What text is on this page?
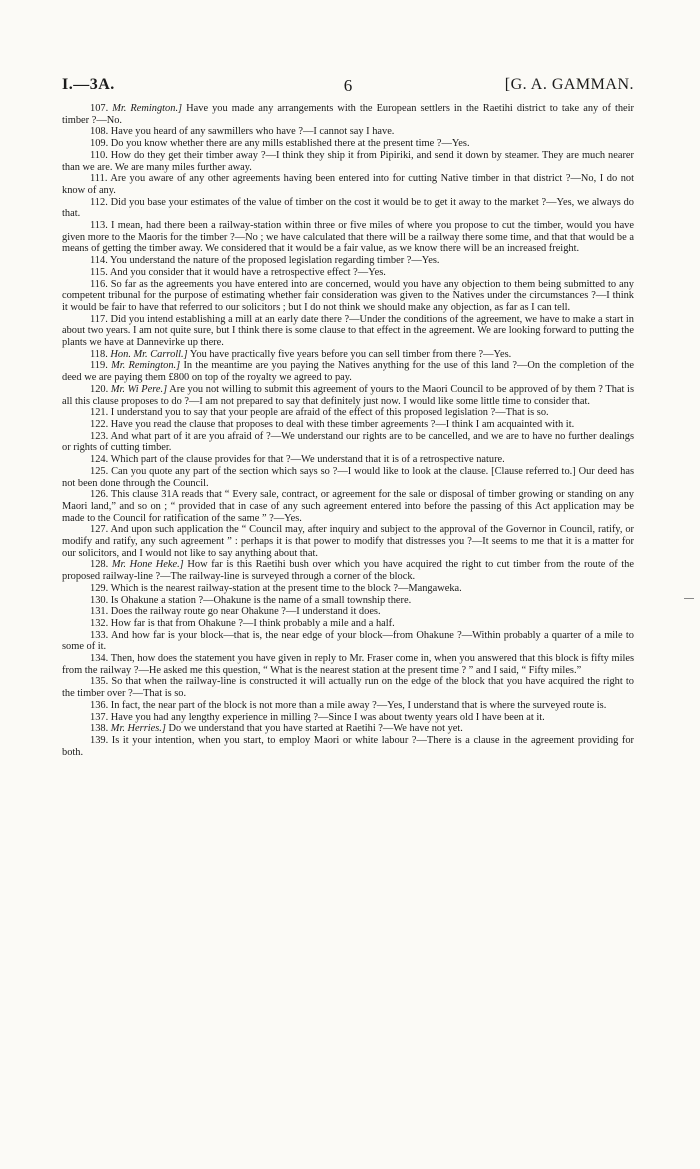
I.—3A.	6	[G. A. GAMMAN.

107. Mr. Remington.] Have you made any arrangements with the European settlers in the Raetihi district to take any of their timber ?—No.

108. Have you heard of any sawmillers who have ?—I cannot say I have.

109. Do you know whether there are any mills established there at the present time ?—Yes.

110. How do they get their timber away ?—I think they ship it from Pipiriki, and send it down by steamer. They are much nearer than we are. We are many miles further away.

111. Are you aware of any other agreements having been entered into for cutting Native timber in that district ?—No, I do not know of any.

112. Did you base your estimates of the value of timber on the cost it would be to get it away to the market ?—Yes, we always do that.

113. I mean, had there been a railway-station within three or five miles of where you propose to cut the timber, would you have given more to the Maoris for the timber ?—No ; we have calculated that there will be a railway there some time, and that that would be a means of getting the timber away. We considered that it would be a fair value, as we know there will be an increased freight.

114. You understand the nature of the proposed legislation regarding timber ?—Yes.

115. And you consider that it would have a retrospective effect ?—Yes.

116. So far as the agreements you have entered into are concerned, would you have any objection to them being submitted to any competent tribunal for the purpose of estimating whether fair consideration was given to the Natives under the circumstances ?—I think it would be fair to have that referred to our solicitors ; but I do not think we should make any objection, as far as I can tell.

117. Did you intend establishing a mill at an early date there ?—Under the conditions of the agreement, we have to make a start in about two years. I am not quite sure, but I think there is some clause to that effect in the agreement. We are looking forward to putting the plants we have at Dannevirke up there.

118. Hon. Mr. Carroll.] You have practically five years before you can sell timber from there ?—Yes.

119. Mr. Remington.] In the meantime are you paying the Natives anything for the use of this land ?—On the completion of the deed we are paying them £800 on top of the royalty we agreed to pay.

120. Mr. Wi Pere.] Are you not willing to submit this agreement of yours to the Maori Council to be approved of by them ? That is all this clause proposes to do ?—I am not prepared to say that definitely just now. I would like some little time to consider that.

121. I understand you to say that your people are afraid of the effect of this proposed legislation ?—That is so.

122. Have you read the clause that proposes to deal with these timber agreements ?—I think I am acquainted with it.

123. And what part of it are you afraid of ?—We understand our rights are to be cancelled, and we are to have no further dealings or rights of cutting timber.

124. Which part of the clause provides for that ?—We understand that it is of a retrospective nature.

125. Can you quote any part of the section which says so ?—I would like to look at the clause. [Clause referred to.] Our deed has not been done through the Council.

126. This clause 31A reads that “ Every sale, contract, or agreement for the sale or disposal of timber growing or standing on any Maori land,” and so on ; “ provided that in case of any such agreement entered into before the passing of this Act application may be made to the Council for ratification of the same ” ?—Yes.

127. And upon such application the “ Council may, after inquiry and subject to the approval of the Governor in Council, ratify, or modify and ratify, any such agreement ” : perhaps it is that power to modify that distresses you ?—It seems to me that it is a matter for our solicitors, and I would not like to say anything about that.

128. Mr. Hone Heke.] How far is this Raetihi bush over which you have acquired the right to cut timber from the route of the proposed railway-line ?—The railway-line is surveyed through a corner of the block.

129. Which is the nearest railway-station at the present time to the block ?—Mangaweka.

130. Is Ohakune a station ?—Ohakune is the name of a small township there.

131. Does the railway route go near Ohakune ?—I understand it does.

132. How far is that from Ohakune ?—I think probably a mile and a half.

133. And how far is your block—that is, the near edge of your block—from Ohakune ?—Within probably a quarter of a mile to some of it.

134. Then, how does the statement you have given in reply to Mr. Fraser come in, when you answered that this block is fifty miles from the railway ?—He asked me this question, “ What is the nearest station at the present time ? ” and I said, “ Fifty miles.”

135. So that when the railway-line is constructed it will actually run on the edge of the block that you have acquired the right to the timber over ?—That is so.

136. In fact, the near part of the block is not more than a mile away ?—Yes, I understand that is where the surveyed route is.

137. Have you had any lengthy experience in milling ?—Since I was about twenty years old I have been at it.

138. Mr. Herries.] Do we understand that you have started at Raetihi ?—We have not yet.

139. Is it your intention, when you start, to employ Maori or white labour ?—There is a clause in the agreement providing for both.
